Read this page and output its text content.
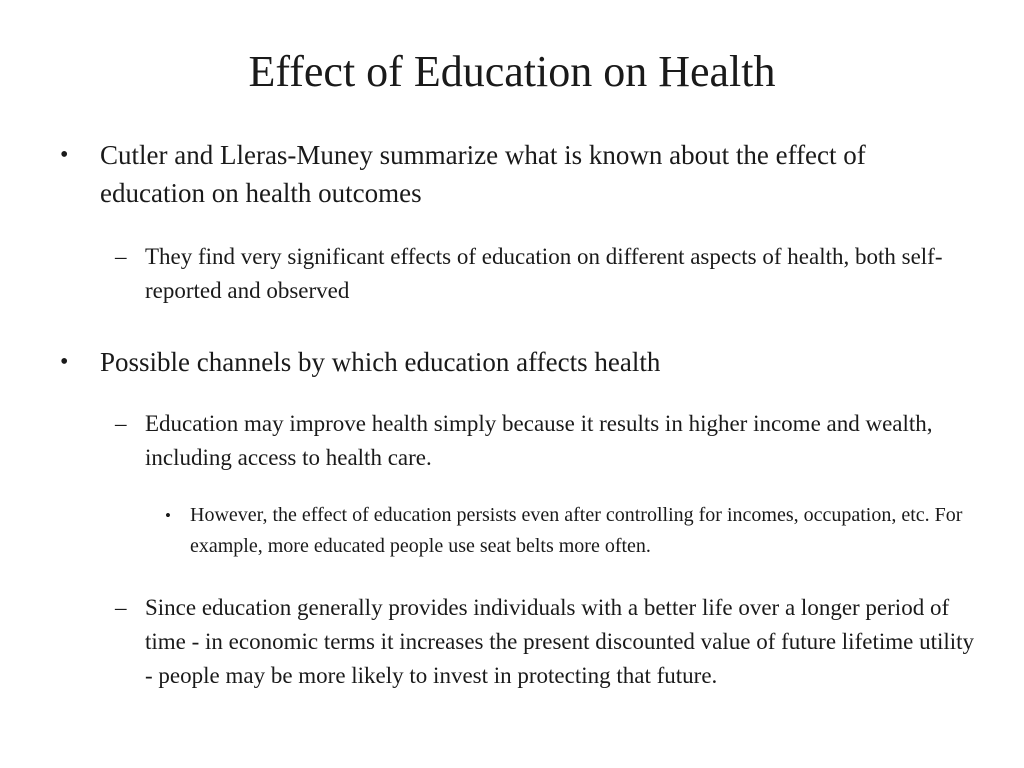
Effect of Education on Health
•	Cutler and Lleras-Muney summarize what is known about the effect of education on health outcomes
– They find very significant effects of education on different aspects of health, both self-reported and observed
•	Possible channels by which education affects health
– Education may improve health simply because it results in higher income and wealth, including access to health care.
• However, the effect of education persists even after controlling for incomes, occupation, etc. For example, more educated people use seat belts more often.
– Since education generally provides individuals with a better life over a longer period of time - in economic terms it increases the present discounted value of future lifetime utility - people may be more likely to invest in protecting that future.
